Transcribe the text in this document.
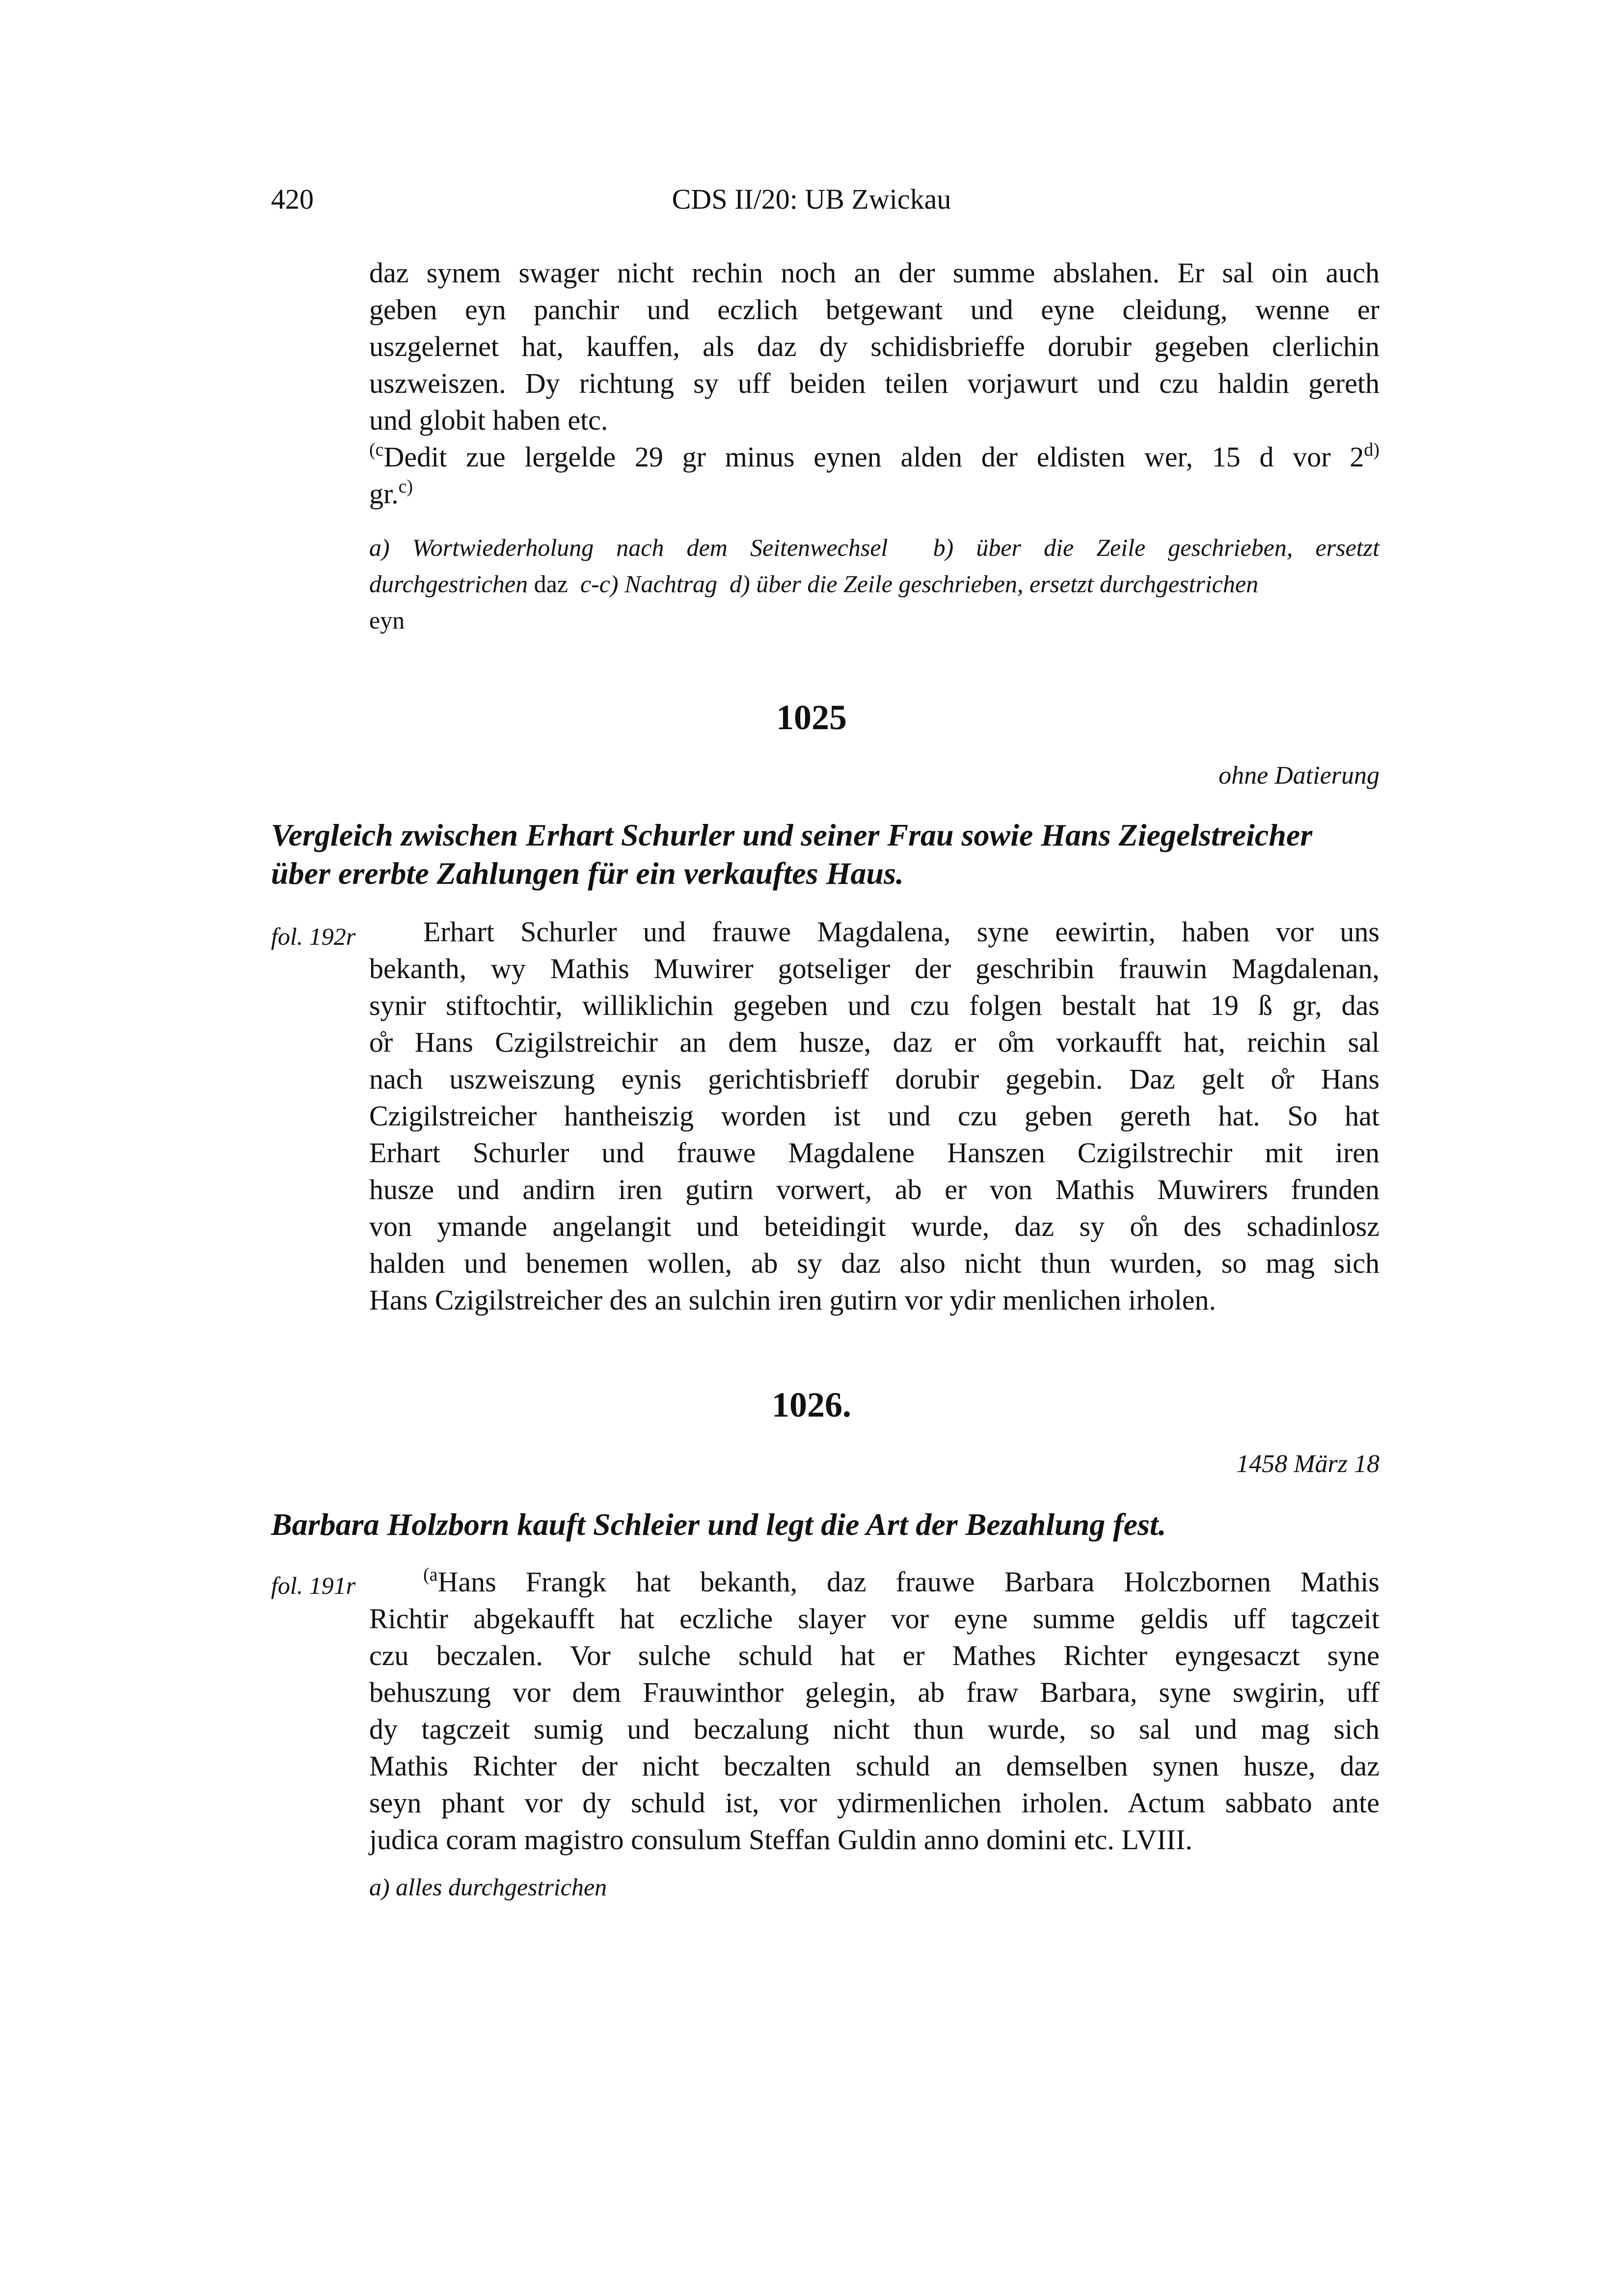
420	CDS II/20: UB Zwickau
daz synem swager nicht rechin noch an der summe abslahen. Er sal oin auch
geben eyn panchir und eczlich betgewant und eyne cleidung, wenne er
uszgelernet hat, kauffen, als daz dy schidisbrieffe dorubir gegeben clerlichin
uszweiszen. Dy richtung sy uff beiden teilen vorjawurt und czu haldin gereth
und globit haben etc.
$^{(c}$Dedit zue lergelde 29 gr minus eynen alden der eldisten wer, 15 d vor 2$^{d)}$
gr.$^{c)}$
a) Wortwiederholung nach dem Seitenwechsel b) über die Zeile geschrieben, ersetzt
durchgestrichen daz c-c) Nachtrag d) über die Zeile geschrieben, ersetzt durchgestrichen
eyn
1025
ohne Datierung
Vergleich zwischen Erhart Schurler und seiner Frau sowie Hans Ziegelstreicher
über ererbte Zahlungen für ein verkauftes Haus.
fol. 192r	Erhart Schurler und frauwe Magdalena, syne eewirtin, haben vor uns
bekanth, wy Mathis Muwirer gotseliger der geschribin frauwin Magdalenan,
synir stiftochtir, williklichin gegeben und czu folgen bestalt hat 19 ß gr, das
o̊r Hans Czigilstreichir an dem husze, daz er o̊m vorkaufft hat, reichin sal
nach uszweiszung eynis gerichtisbrieff dorubir gegebin. Daz gelt o̊r Hans
Czigilstreicher hantheiszig worden ist und czu geben gereth hat. So hat
Erhart Schurler und frauwe Magdalene Hanszen Czigilstrechir mit iren
husze und andirn iren gutirn vorwert, ab er von Mathis Muwirers frunden
von ymande angelangit und beteidingit wurde, daz sy o̊n des schadinlosz
halden und benemen wollen, ab sy daz also nicht thun wurden, so mag sich
Hans Czigilstreicher des an sulchin iren gutirn vor ydir menlichen irholen.
1026.
1458 März 18
Barbara Holzborn kauft Schleier und legt die Art der Bezahlung fest.
fol. 191r	$^{(a}$Hans Frangk hat bekanth, daz frauwe Barbara Holczbornen Mathis
Richtir abgekaufft hat eczliche slayer vor eyne summe geldis uff tagczeit
czu beczalen. Vor sulche schuld hat er Mathes Richter eyngesaczt syne
behuszung vor dem Frauwinthor gelegin, ab fraw Barbara, syne swgirin, uff
dy tagczeit sumig und beczalung nicht thun wurde, so sal und mag sich
Mathis Richter der nicht beczalten schuld an demselben synen husze, daz
seyn phant vor dy schuld ist, vor ydirmenlichen irholen. Actum sabbato ante
judica coram magistro consulum Steffan Guldin anno domini etc. LVIII.
a) alles durchgestrichen
